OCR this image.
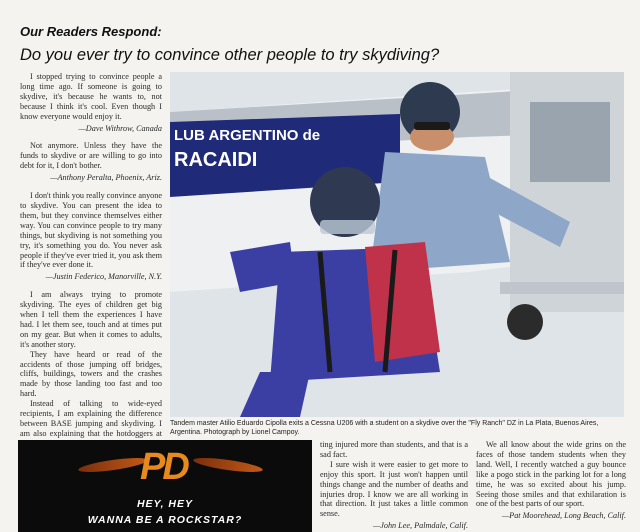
Our Readers Respond:
Do you ever try to convince other people to try skydiving?

I stopped trying to convince people a long time ago. If someone is going to skydive, it's because he wants to, not because I think it's cool. Even though I know everyone would enjoy it.

—Dave Withrow, Canada

Not anymore. Unless they have the funds to skydive or are willing to go into debt for it, I don't bother.

—Anthony Peralta, Phoenix, Ariz.

I don't think you really convince anyone to skydive. You can present the idea to them, but they convince themselves either way. You can convince people to try many things, but skydiving is not something you try, it's something you do. You never ask people if they've ever tried it, you ask them if they've ever done it.

—Justin Federico, Manorville, N.Y.

I am always trying to promote skydiving. The eyes of children get big when I tell them the experiences I have had. I let them see, touch and at times put on my gear. But when it comes to adults, it's another story.

They have heard or read of the accidents of those jumping off bridges, cliffs, buildings, towers and the crashes made by those landing too fast and too hard.

Instead of talking to wide-eyed recipients, I am explaining the difference between BASE jumping and skydiving. I am also explaining that the hotdoggers at

LUB ARGENTINO de
RACAIDI
Tandem master Atilio Eduardo Cipolla exits a Cessna U206 with a student on a skydive over the "Fly Ranch" DZ in La Plata, Buenos Aires, Argentina. Photograph by Lionel Campoy.
PD
HEY, HEY
WANNA BE A ROCKSTAR?

ting injured more than students, and that is a sad fact.

I sure wish it were easier to get more to enjoy this sport. It just won't happen until things change and the number of deaths and injuries drop. I know we are all working in that direction. It just takes a little common sense.

—John Lee, Palmdale, Calif.

We all know about the wide grins on the faces of those tandem students when they land. Well, I recently watched a guy bounce like a pogo stick in the parking lot for a long time, he was so excited about his jump. Seeing those smiles and that exhilaration is one of the best parts of our sport.

—Pat Moorehead, Long Beach, Calif.
